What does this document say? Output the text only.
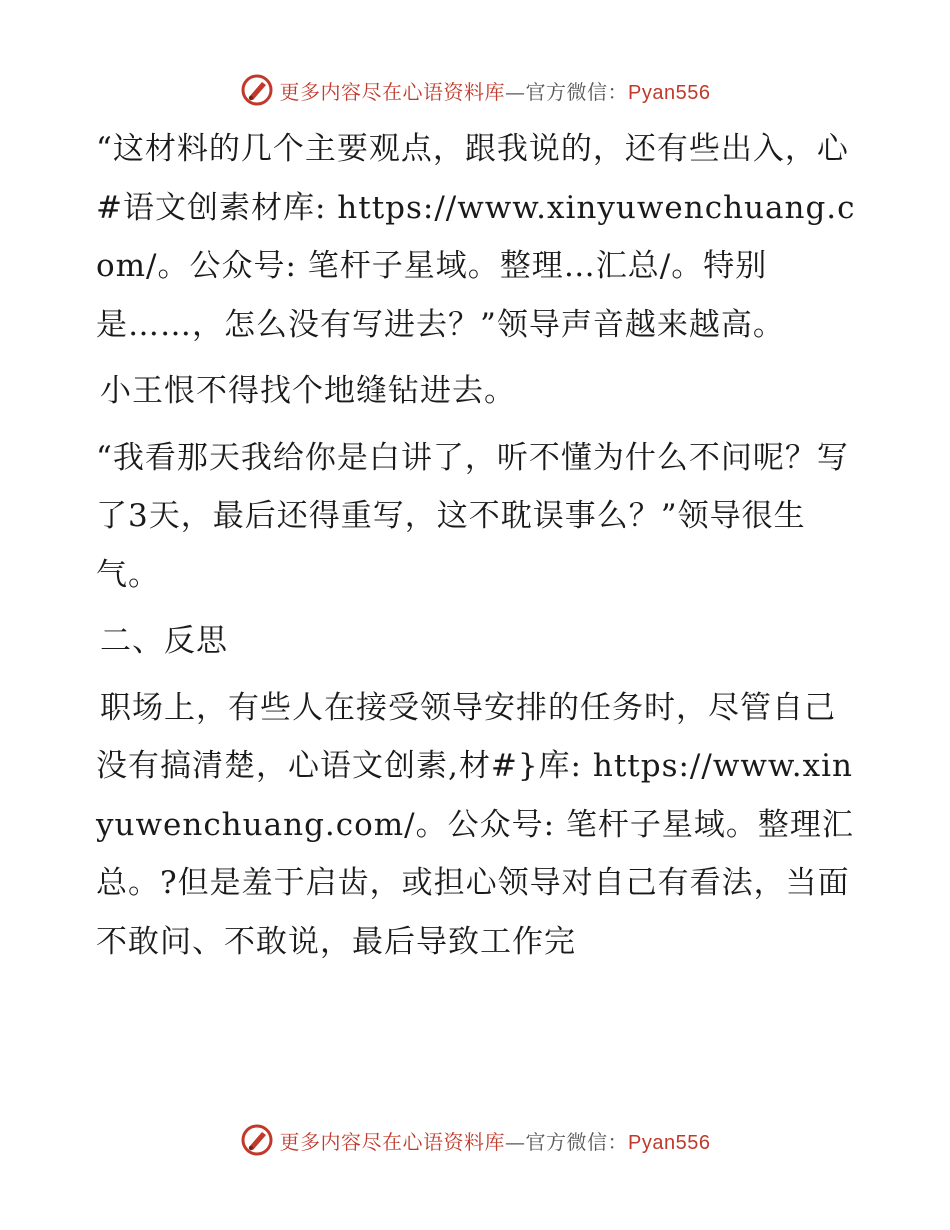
更多内容尽在心语资料库—官方微信：Pyan556

“这材料的几个主要观点，跟我说的，还有些出入，心#语文创素材库: https://www.xinyuwenchuang.com/。公众号: 笔杆子星域。整理…汇总/。特别是……，怎么没有写进去？”领导声音越来越高。

小王恨不得找个地缝钻进去。

“我看那天我给你是白讲了，听不懂为什么不问呢？写了3天，最后还得重写，这不耽误事么？”领导很生气。

二、反思

职场上，有些人在接受领导安排的任务时，尽管自己没有搞清楚，心语文创素,材#}库: https://www.xinyuwenchuang.com/。公众号: 笔杆子星域。整理汇总。?但是羞于启齿，或担心领导对自己有看法，当面不敢问、不敢说，最后导致工作完

更多内容尽在心语资料库—官方微信：Pyan556
